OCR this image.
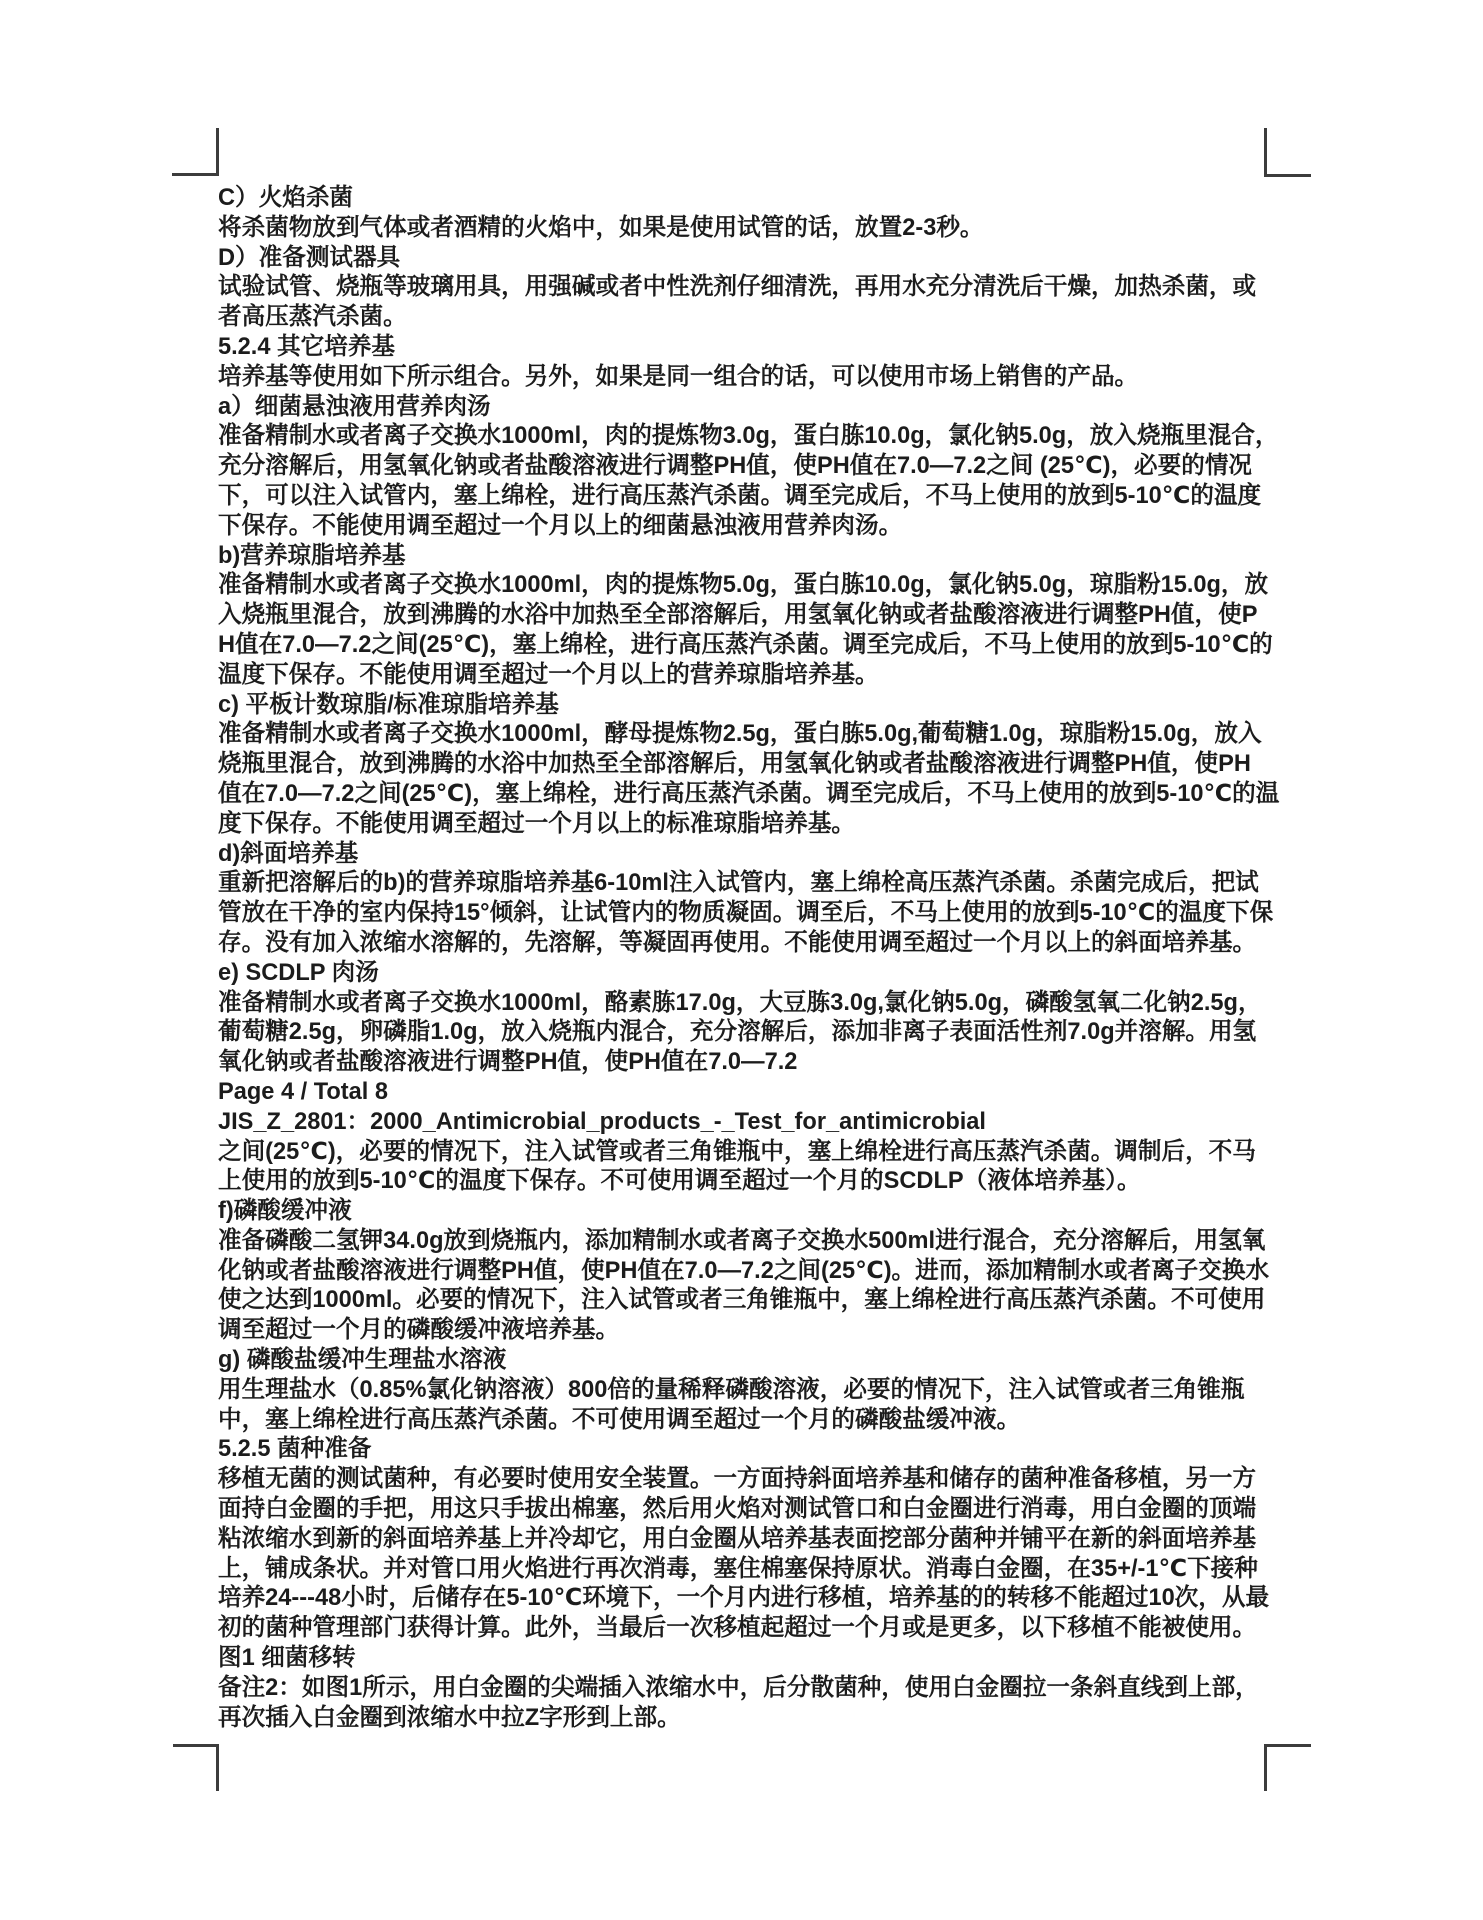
C）火焰杀菌
将杀菌物放到气体或者酒精的火焰中，如果是使用试管的话，放置2-3秒。
D）准备测试器具
试验试管、烧瓶等玻璃用具，用强碱或者中性洗剂仔细清洗，再用水充分清洗后干燥，加热杀菌，或
者高压蒸汽杀菌。
5.2.4 其它培养基
培养基等使用如下所示组合。另外，如果是同一组合的话，可以使用市场上销售的产品。
a）细菌悬浊液用营养肉汤
准备精制水或者离子交换水1000ml，肉的提炼物3.0g，蛋白胨10.0g，氯化钠5.0g，放入烧瓶里混合，
充分溶解后，用氢氧化钠或者盐酸溶液进行调整PH值，使PH值在7.0—7.2之间 (25℃)，必要的情况
下，可以注入试管内，塞上绵栓，进行高压蒸汽杀菌。调至完成后，不马上使用的放到5-10℃的温度
下保存。不能使用调至超过一个月以上的细菌悬浊液用营养肉汤。
b)营养琼脂培养基
准备精制水或者离子交换水1000ml，肉的提炼物5.0g，蛋白胨10.0g，氯化钠5.0g，琼脂粉15.0g，放
入烧瓶里混合，放到沸腾的水浴中加热至全部溶解后，用氢氧化钠或者盐酸溶液进行调整PH值，使P
H值在7.0—7.2之间(25℃)，塞上绵栓，进行高压蒸汽杀菌。调至完成后，不马上使用的放到5-10℃的
温度下保存。不能使用调至超过一个月以上的营养琼脂培养基。
c) 平板计数琼脂/标准琼脂培养基
准备精制水或者离子交换水1000ml，酵母提炼物2.5g，蛋白胨5.0g,葡萄糖1.0g，琼脂粉15.0g，放入
烧瓶里混合，放到沸腾的水浴中加热至全部溶解后，用氢氧化钠或者盐酸溶液进行调整PH值，使PH
值在7.0—7.2之间(25℃)，塞上绵栓，进行高压蒸汽杀菌。调至完成后，不马上使用的放到5-10℃的温
度下保存。不能使用调至超过一个月以上的标准琼脂培养基。
d)斜面培养基
重新把溶解后的b)的营养琼脂培养基6-10ml注入试管内，塞上绵栓高压蒸汽杀菌。杀菌完成后，把试
管放在干净的室内保持15°倾斜，让试管内的物质凝固。调至后，不马上使用的放到5-10℃的温度下保
存。没有加入浓缩水溶解的，先溶解，等凝固再使用。不能使用调至超过一个月以上的斜面培养基。
e) SCDLP 肉汤
准备精制水或者离子交换水1000ml，酪素胨17.0g，大豆胨3.0g,氯化钠5.0g，磷酸氢氧二化钠2.5g，
葡萄糖2.5g，卵磷脂1.0g，放入烧瓶内混合，充分溶解后，添加非离子表面活性剂7.0g并溶解。用氢
氧化钠或者盐酸溶液进行调整PH值，使PH值在7.0—7.2
Page 4 / Total 8
JIS_Z_2801：2000_Antimicrobial_products_-_Test_for_antimicrobial
之间(25℃)，必要的情况下，注入试管或者三角锥瓶中，塞上绵栓进行高压蒸汽杀菌。调制后，不马
上使用的放到5-10℃的温度下保存。不可使用调至超过一个月的SCDLP（液体培养基）。
f)磷酸缓冲液
准备磷酸二氢钾34.0g放到烧瓶内，添加精制水或者离子交换水500ml进行混合，充分溶解后，用氢氧
化钠或者盐酸溶液进行调整PH值，使PH值在7.0—7.2之间(25℃)。进而，添加精制水或者离子交换水
使之达到1000ml。必要的情况下，注入试管或者三角锥瓶中，塞上绵栓进行高压蒸汽杀菌。不可使用
调至超过一个月的磷酸缓冲液培养基。
g) 磷酸盐缓冲生理盐水溶液
用生理盐水（0.85%氯化钠溶液）800倍的量稀释磷酸溶液，必要的情况下，注入试管或者三角锥瓶
中，塞上绵栓进行高压蒸汽杀菌。不可使用调至超过一个月的磷酸盐缓冲液。
5.2.5 菌种准备
移植无菌的测试菌种，有必要时使用安全装置。一方面持斜面培养基和储存的菌种准备移植，另一方
面持白金圈的手把，用这只手拔出棉塞，然后用火焰对测试管口和白金圈进行消毒，用白金圈的顶端
粘浓缩水到新的斜面培养基上并冷却它，用白金圈从培养基表面挖部分菌种并铺平在新的斜面培养基
上，铺成条状。并对管口用火焰进行再次消毒，塞住棉塞保持原状。消毒白金圈，在35+/-1℃下接种
培养24---48小时，后储存在5-10℃环境下，一个月内进行移植，培养基的的转移不能超过10次，从最
初的菌种管理部门获得计算。此外，当最后一次移植起超过一个月或是更多，以下移植不能被使用。
图1 细菌移转
备注2：如图1所示，用白金圈的尖端插入浓缩水中，后分散菌种，使用白金圈拉一条斜直线到上部，
再次插入白金圈到浓缩水中拉Z字形到上部。
